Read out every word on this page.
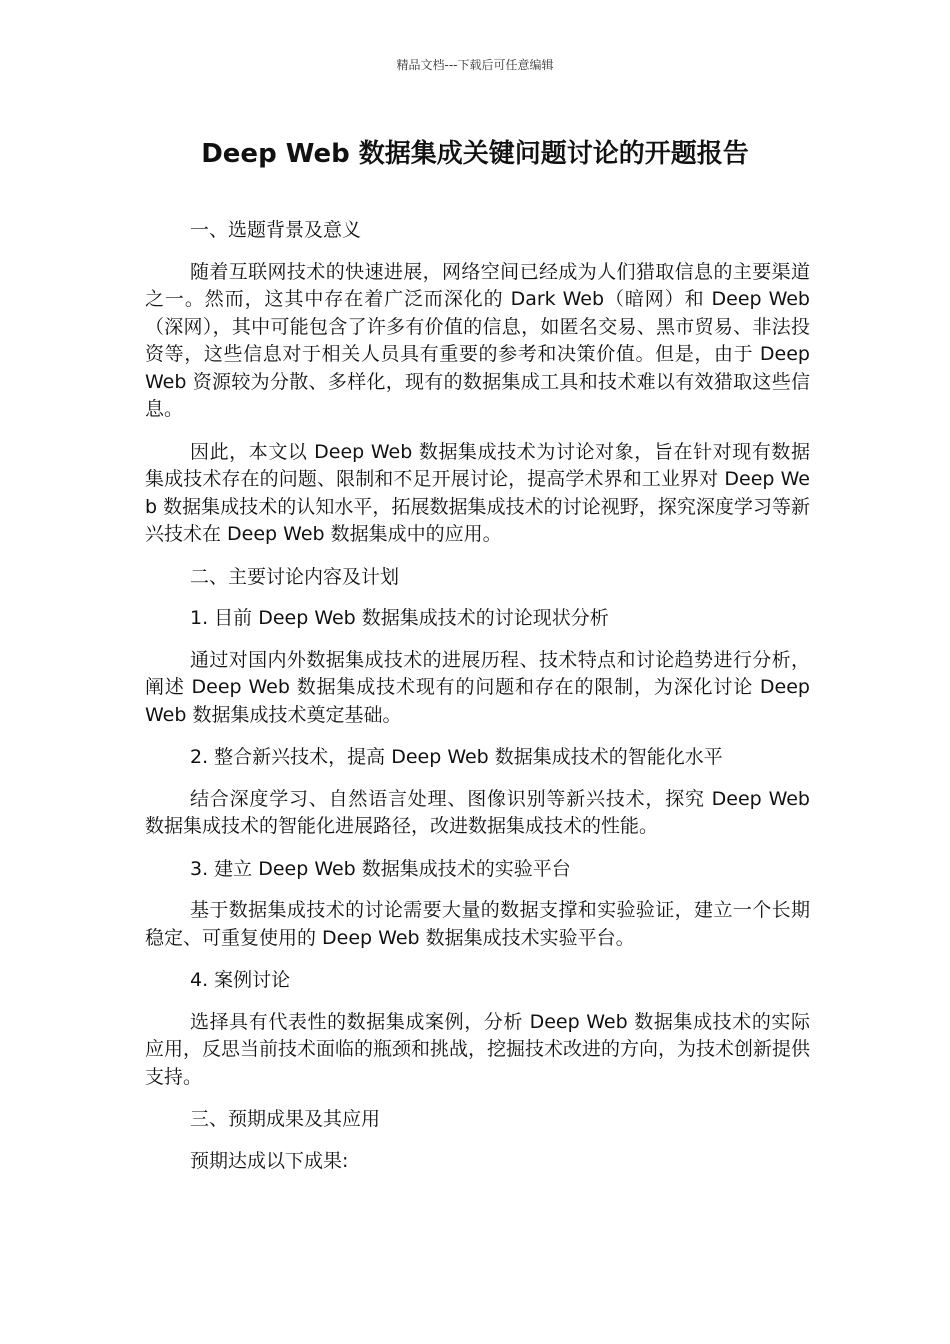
精品文档---下载后可任意编辑
Deep Web 数据集成关键问题讨论的开题报告

一、选题背景及意义

随着互联网技术的快速进展，网络空间已经成为人们猎取信息的主要渠道之一。然而，这其中存在着广泛而深化的 Dark Web（暗网）和 Deep Web（深网），其中可能包含了许多有价值的信息，如匿名交易、黑市贸易、非法投资等，这些信息对于相关人员具有重要的参考和决策价值。但是，由于 Deep Web 资源较为分散、多样化，现有的数据集成工具和技术难以有效猎取这些信息。

因此，本文以 Deep Web 数据集成技术为讨论对象，旨在针对现有数据集成技术存在的问题、限制和不足开展讨论，提高学术界和工业界对 Deep Web 数据集成技术的认知水平，拓展数据集成技术的讨论视野，探究深度学习等新兴技术在 Deep Web 数据集成中的应用。

二、主要讨论内容及计划

1. 目前 Deep Web 数据集成技术的讨论现状分析

通过对国内外数据集成技术的进展历程、技术特点和讨论趋势进行分析，阐述 Deep Web 数据集成技术现有的问题和存在的限制，为深化讨论 Deep Web 数据集成技术奠定基础。

2. 整合新兴技术，提高 Deep Web 数据集成技术的智能化水平

结合深度学习、自然语言处理、图像识别等新兴技术，探究 Deep Web 数据集成技术的智能化进展路径，改进数据集成技术的性能。

3. 建立 Deep Web 数据集成技术的实验平台

基于数据集成技术的讨论需要大量的数据支撑和实验验证，建立一个长期稳定、可重复使用的 Deep Web 数据集成技术实验平台。

4. 案例讨论

选择具有代表性的数据集成案例，分析 Deep Web 数据集成技术的实际应用，反思当前技术面临的瓶颈和挑战，挖掘技术改进的方向，为技术创新提供支持。

三、预期成果及其应用

预期达成以下成果:
